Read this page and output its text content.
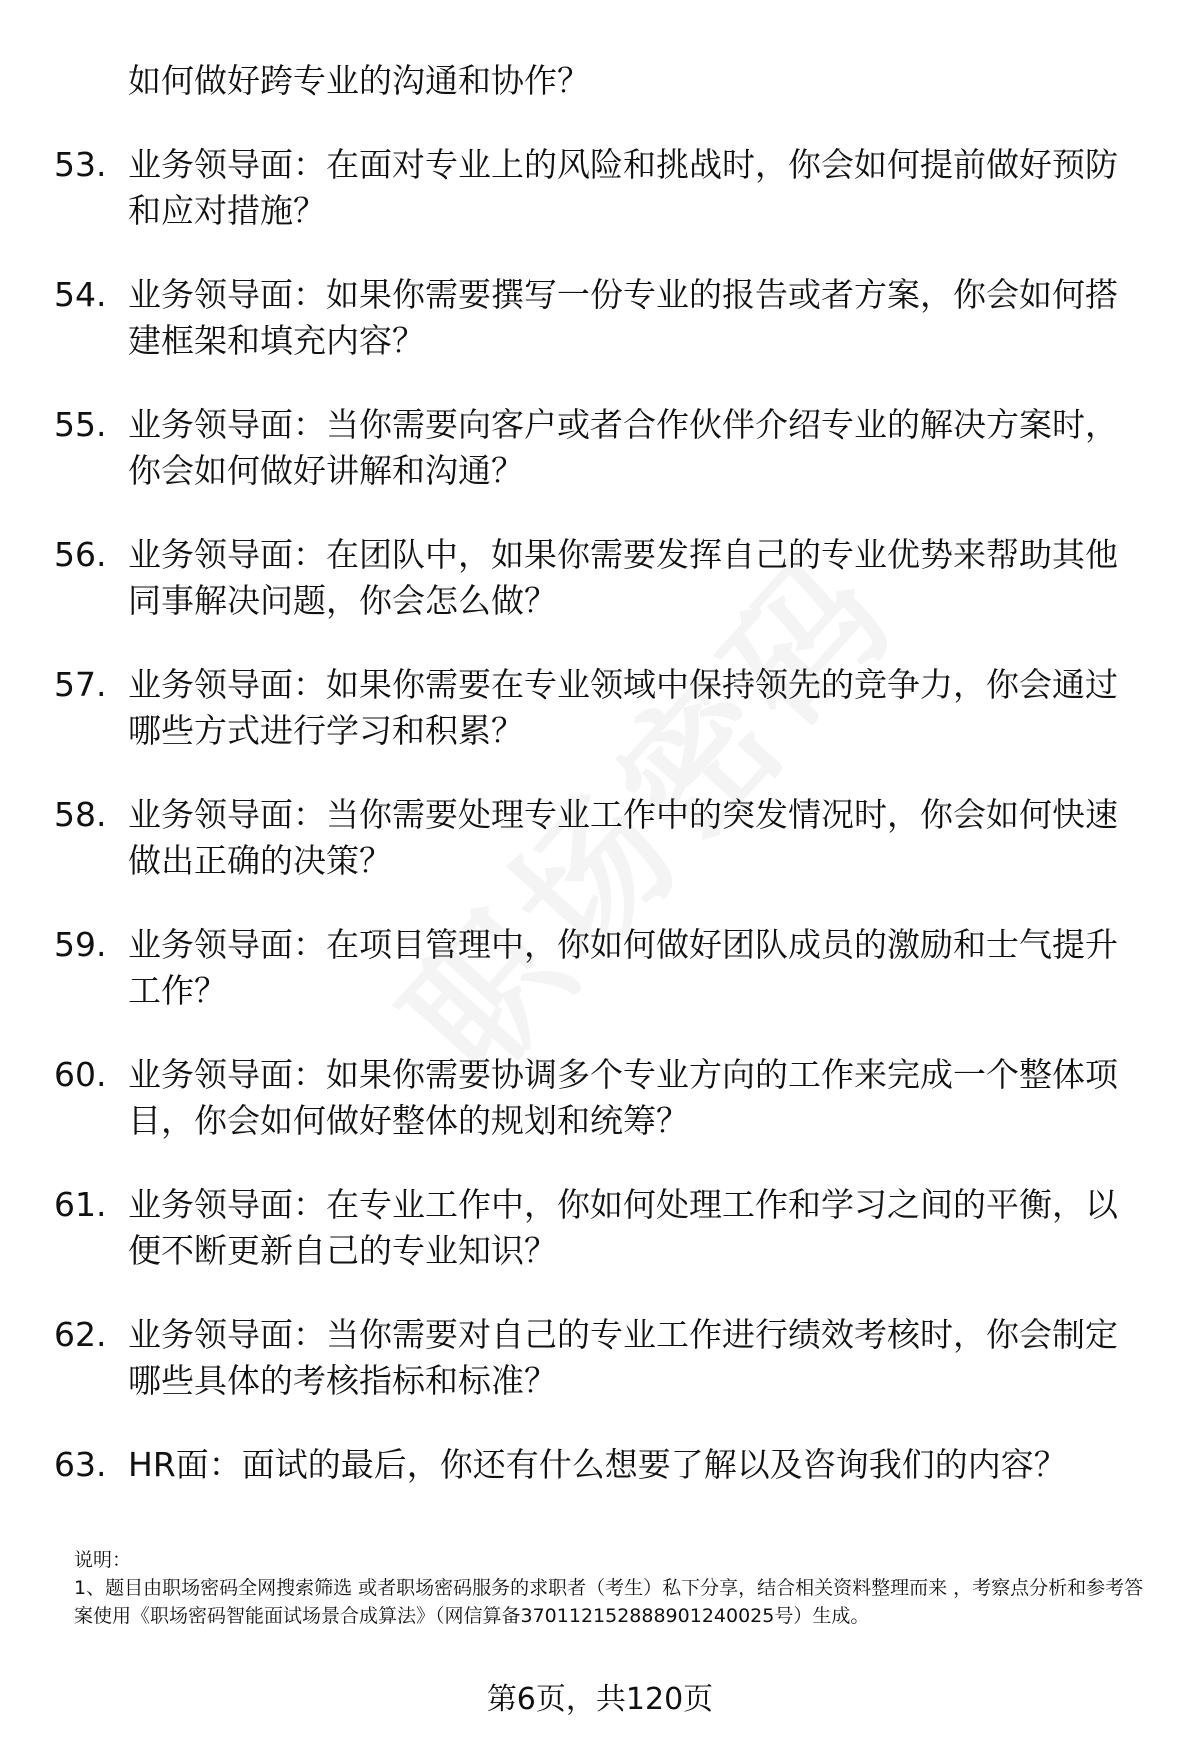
如何做好跨专业的沟通和协作？
53. 业务领导面：在面对专业上的风险和挑战时，你会如何提前做好预防和应对措施？
54. 业务领导面：如果你需要撰写一份专业的报告或者方案，你会如何搭建框架和填充内容？
55. 业务领导面：当你需要向客户或者合作伙伴介绍专业的解决方案时，你会如何做好讲解和沟通？
56. 业务领导面：在团队中，如果你需要发挥自己的专业优势来帮助其他同事解决问题，你会怎么做？
57. 业务领导面：如果你需要在专业领域中保持领先的竞争力，你会通过哪些方式进行学习和积累？
58. 业务领导面：当你需要处理专业工作中的突发情况时，你会如何快速做出正确的决策？
59. 业务领导面：在项目管理中，你如何做好团队成员的激励和士气提升工作？
60. 业务领导面：如果你需要协调多个专业方向的工作来完成一个整体项目，你会如何做好整体的规划和统筹？
61. 业务领导面：在专业工作中，你如何处理工作和学习之间的平衡，以便不断更新自己的专业知识？
62. 业务领导面：当你需要对自己的专业工作进行绩效考核时，你会制定哪些具体的考核指标和标准？
63. HR面：面试的最后，你还有什么想要了解以及咨询我们的内容？
说明：
1、题目由职场密码全网搜索筛选 或者职场密码服务的求职者（考生）私下分享，结合相关资料整理而来 ，考察点分析和参考答案使用《职场密码智能面试场景合成算法》（网信算备370112152888901240025号）生成。
第6页，共120页
